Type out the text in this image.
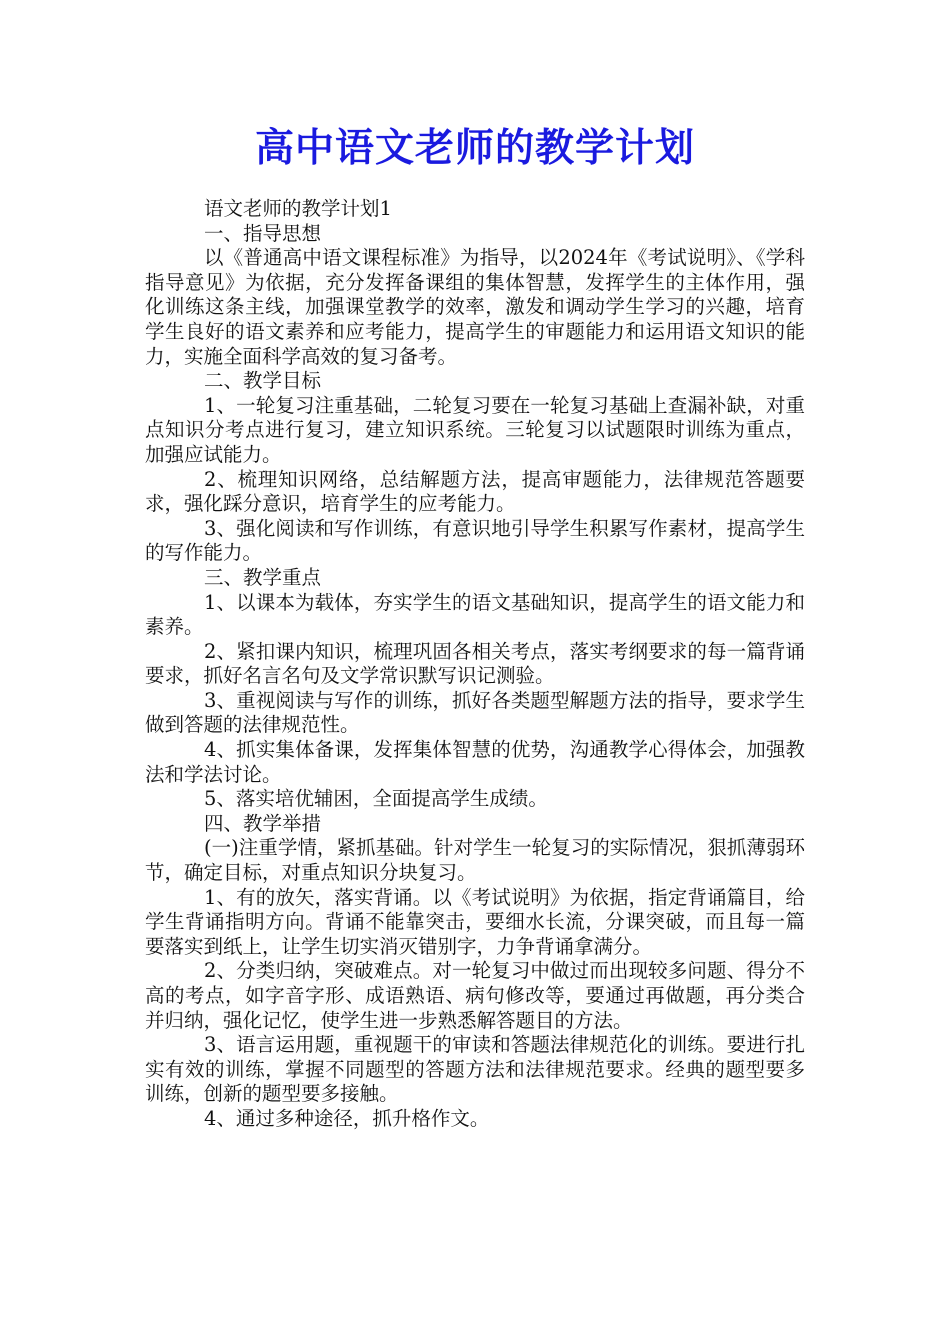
高中语文老师的教学计划

语文老师的教学计划1

一、指导思想

以《普通高中语文课程标准》为指导，以2024年《考试说明》、《学科指导意见》为依据，充分发挥备课组的集体智慧，发挥学生的主体作用，强化训练这条主线，加强课堂教学的效率，激发和调动学生学习的兴趣，培育学生良好的语文素养和应考能力，提高学生的审题能力和运用语文知识的能力，实施全面科学高效的复习备考。

二、教学目标

1、一轮复习注重基础，二轮复习要在一轮复习基础上查漏补缺，对重点知识分考点进行复习，建立知识系统。三轮复习以试题限时训练为重点，加强应试能力。

2、梳理知识网络，总结解题方法，提高审题能力，法律规范答题要求，强化踩分意识，培育学生的应考能力。

3、强化阅读和写作训练，有意识地引导学生积累写作素材，提高学生的写作能力。

三、教学重点

1、以课本为载体，夯实学生的语文基础知识，提高学生的语文能力和素养。

2、紧扣课内知识，梳理巩固各相关考点，落实考纲要求的每一篇背诵要求，抓好名言名句及文学常识默写识记测验。

3、重视阅读与写作的训练，抓好各类题型解题方法的指导，要求学生做到答题的法律规范性。

4、抓实集体备课，发挥集体智慧的优势，沟通教学心得体会，加强教法和学法讨论。

5、落实培优辅困，全面提高学生成绩。

四、教学举措

(一)注重学情，紧抓基础。针对学生一轮复习的实际情况，狠抓薄弱环节，确定目标，对重点知识分块复习。

1、有的放矢，落实背诵。以《考试说明》为依据，指定背诵篇目，给学生背诵指明方向。背诵不能靠突击，要细水长流，分课突破，而且每一篇要落实到纸上，让学生切实消灭错别字，力争背诵拿满分。

2、分类归纳，突破难点。对一轮复习中做过而出现较多问题、得分不高的考点，如字音字形、成语熟语、病句修改等，要通过再做题，再分类合并归纳，强化记忆，使学生进一步熟悉解答题目的方法。

3、语言运用题，重视题干的审读和答题法律规范化的训练。要进行扎实有效的训练，掌握不同题型的答题方法和法律规范要求。经典的题型要多训练，创新的题型要多接触。

4、通过多种途径，抓升格作文。
